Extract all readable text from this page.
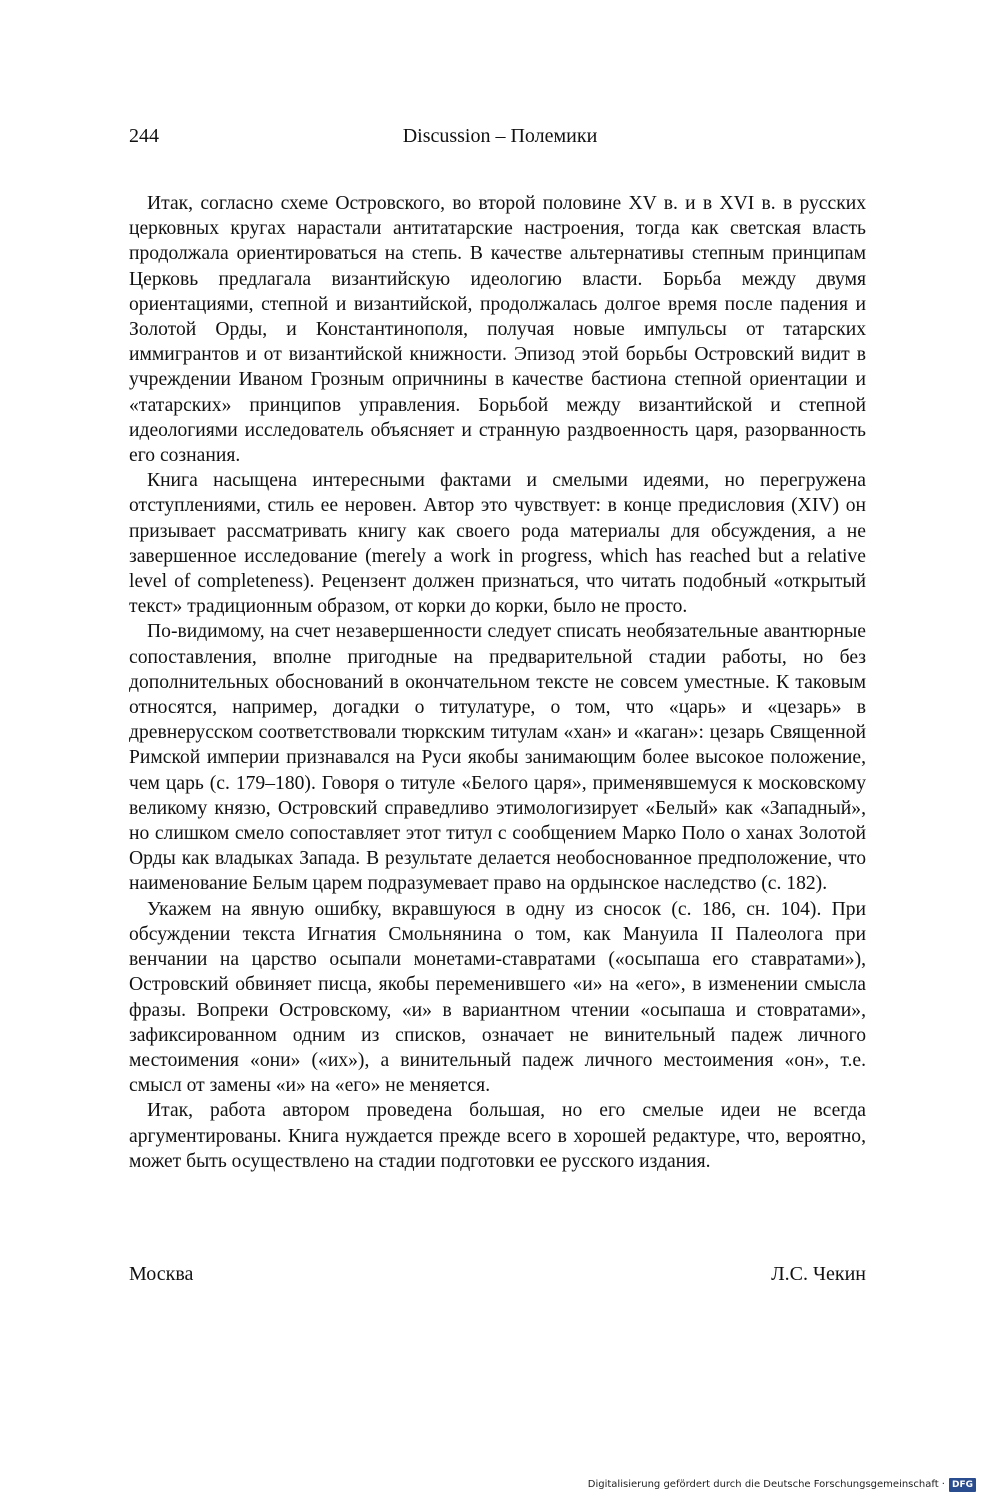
244	Discussion – Полемики

Итак, согласно схеме Островского, во второй половине XV в. и в XVI в. в русских церковных кругах нарастали антитатарские настроения, тогда как светская власть продолжала ориентироваться на степь. В качестве альтернативы степным принципам Церковь предлагала византийскую идеологию власти. Борьба между двумя ориентациями, степной и византийской, продолжалась долгое время после падения и Золотой Орды, и Константинополя, получая новые импульсы от татарских иммигрантов и от византийской книжности. Эпизод этой борьбы Островский видит в учреждении Иваном Грозным опричнины в качестве бастиона степной ориентации и «татарских» принципов управления. Борьбой между византийской и степной идеологиями исследователь объясняет и странную раздвоенность царя, разорванность его сознания.

Книга насыщена интересными фактами и смелыми идеями, но перегружена отступлениями, стиль ее неровен. Автор это чувствует: в конце предисловия (XIV) он призывает рассматривать книгу как своего рода материалы для обсуждения, а не завершенное исследование (merely a work in progress, which has reached but a relative level of completeness). Рецензент должен признаться, что читать подобный «открытый текст» традиционным образом, от корки до корки, было не просто.

По-видимому, на счет незавершенности следует списать необязательные авантюрные сопоставления, вполне пригодные на предварительной стадии работы, но без дополнительных обоснований в окончательном тексте не совсем уместные. К таковым относятся, например, догадки о титулатуре, о том, что «царь» и «цезарь» в древнерусском соответствовали тюркским титулам «хан» и «каган»: цезарь Священной Римской империи признавался на Руси якобы занимающим более высокое положение, чем царь (с. 179–180). Говоря о титуле «Белого царя», применявшемуся к московскому великому князю, Островский справедливо этимологизирует «Белый» как «Западный», но слишком смело сопоставляет этот титул с сообщением Марко Поло о ханах Золотой Орды как владыках Запада. В результате делается необоснованное предположение, что наименование Белым царем подразумевает право на ордынское наследство (с. 182).

Укажем на явную ошибку, вкравшуюся в одну из сносок (с. 186, сн. 104). При обсуждении текста Игнатия Смольнянина о том, как Мануила II Палеолога при венчании на царство осыпали монетами-ставратами («осыпаша его ставратами»), Островский обвиняет писца, якобы переменившего «и» на «его», в изменении смысла фразы. Вопреки Островскому, «и» в вариантном чтении «осыпаша и стовратами», зафиксированном одним из списков, означает не винительный падеж личного местоимения «они» («их»), а винительный падеж личного местоимения «он», т.е. смысл от замены «и» на «его» не меняется.

Итак, работа автором проведена большая, но его смелые идеи не всегда аргументированы. Книга нуждается прежде всего в хорошей редактуре, что, вероятно, может быть осуществлено на стадии подготовки ее русского издания.

Москва	Л.С. Чекин
Digitalisierung gefördert durch die Deutsche Forschungsgemeinschaft · DFG
